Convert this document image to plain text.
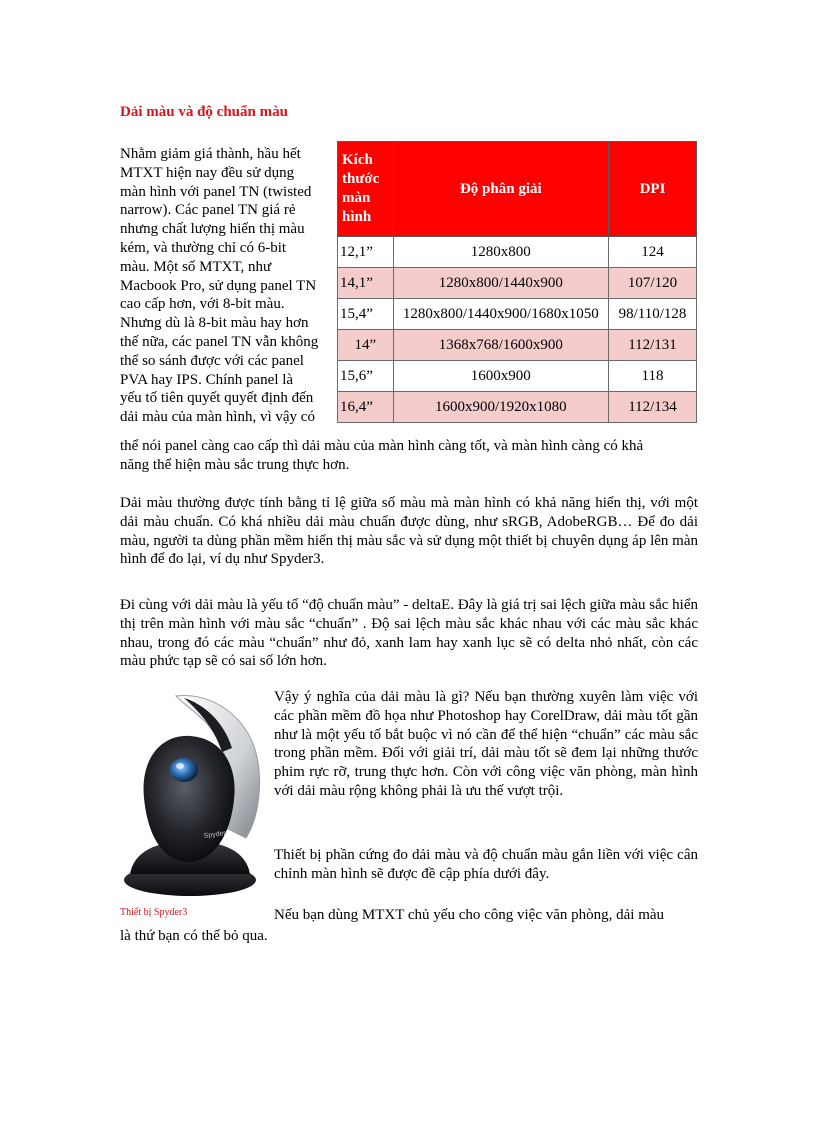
Dải màu và độ chuẩn màu
Nhằm giảm giá thành, hầu hết
MTXT hiện nay đều sử dụng
màn hình với panel TN (twisted
narrow). Các panel TN giá rẻ
nhưng chất lượng hiển thị màu
kém, và thường chỉ có 6-bit
màu. Một số MTXT, như
Macbook Pro, sử dụng panel TN
cao cấp hơn, với 8-bit màu.
Nhưng dù là 8-bit màu hay hơn
thế nữa, các panel TN vẫn không
thể so sánh được với các panel
PVA hay IPS. Chính panel là
yếu tố tiên quyết quyết định đến
dải màu của màn hình, vì vậy có
thể nói panel càng cao cấp thì dải màu của màn hình càng tốt, và màn hình càng có khả
năng thể hiện màu sắc trung thực hơn.
Kích
thước
màn
hình	Độ phân giải	DPI
12,1”	1280x800	124
14,1”	1280x800/1440x900	107/120
15,4”	1280x800/1440x900/1680x1050	98/110/128
14”	1368x768/1600x900	112/131
15,6”	1600x900	118
16,4”	1600x900/1920x1080	112/134
Dải màu thường được tính bằng tỉ lệ giữa số màu mà màn hình có khả năng hiển thị, với một dải màu chuẩn. Có khá nhiều dải màu chuẩn được dùng, như sRGB, AdobeRGB… Để đo dải màu, người ta dùng phần mềm hiển thị màu sắc và sử dụng một thiết bị chuyên dụng áp lên màn hình để đo lại, ví dụ như Spyder3.
Đi cùng với dải màu là yếu tố “độ chuẩn màu” - deltaE. Đây là giá trị sai lệch giữa màu sắc hiển thị trên màn hình với màu sắc “chuẩn” . Độ sai lệch màu sắc khác nhau với các màu sắc khác nhau, trong đó các màu “chuẩn” như đỏ, xanh lam hay xanh lục sẽ có delta nhỏ nhất, còn các màu phức tạp sẽ có sai số lớn hơn.
Spyder
Thiết bị Spyder3
Vậy ý nghĩa của dải màu là gì? Nếu bạn thường xuyên làm việc với các phần mềm đồ họa như Photoshop hay CorelDraw, dải màu tốt gần như là một yếu tố bắt buộc vì nó cần để thể hiện “chuẩn” các màu sắc trong phần mềm. Đối với giải trí, dải màu tốt sẽ đem lại những thước phim rực rỡ, trung thực hơn. Còn với công việc văn phòng, màn hình với dải màu rộng không phải là ưu thế vượt trội.
Thiết bị phần cứng đo dải màu và độ chuẩn màu gắn liền với việc cân chỉnh màn hình sẽ được đề cập phía dưới đây.
Nếu bạn dùng MTXT chủ yếu cho công việc văn phòng, dải màu
là thứ bạn có thể bỏ qua.
